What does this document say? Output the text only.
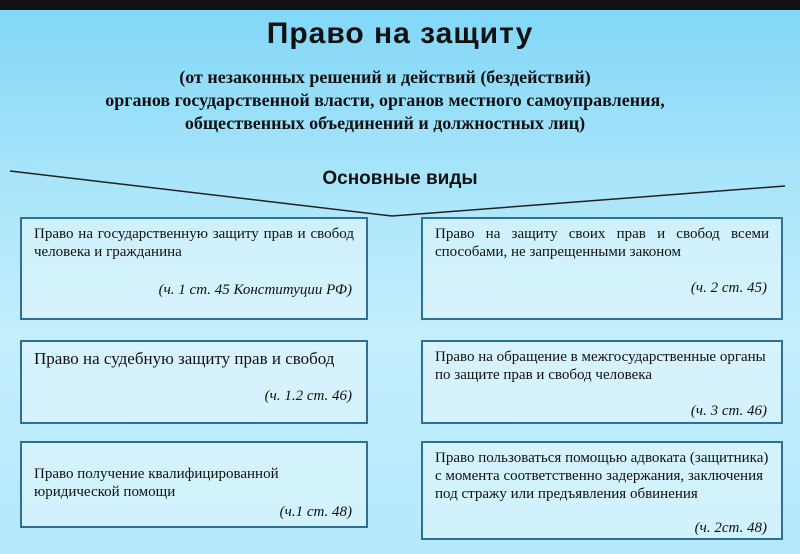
Право на защиту
(от незаконных решений и действий (бездействий)
органов государственной власти, органов местного самоуправления,
общественных объединений и должностных лиц)
Основные виды
Право на государственную защиту прав и свобод человека и гражданина
(ч. 1 ст. 45 Конституции РФ)
Право на защиту своих прав и свобод всеми способами, не запрещенными законом
(ч. 2 ст. 45)
Право на судебную защиту прав и свобод
(ч. 1.2 ст. 46)
Право на обращение в межгосударственные органы по защите прав и свобод человека
(ч. 3 ст. 46)
Право получение квалифицированной юридической помощи
(ч.1 ст. 48)
Право пользоваться помощью адвоката (защитника) с момента соответственно задержания, заключения под стражу или предъявления обвинения
(ч. 2ст. 48)
